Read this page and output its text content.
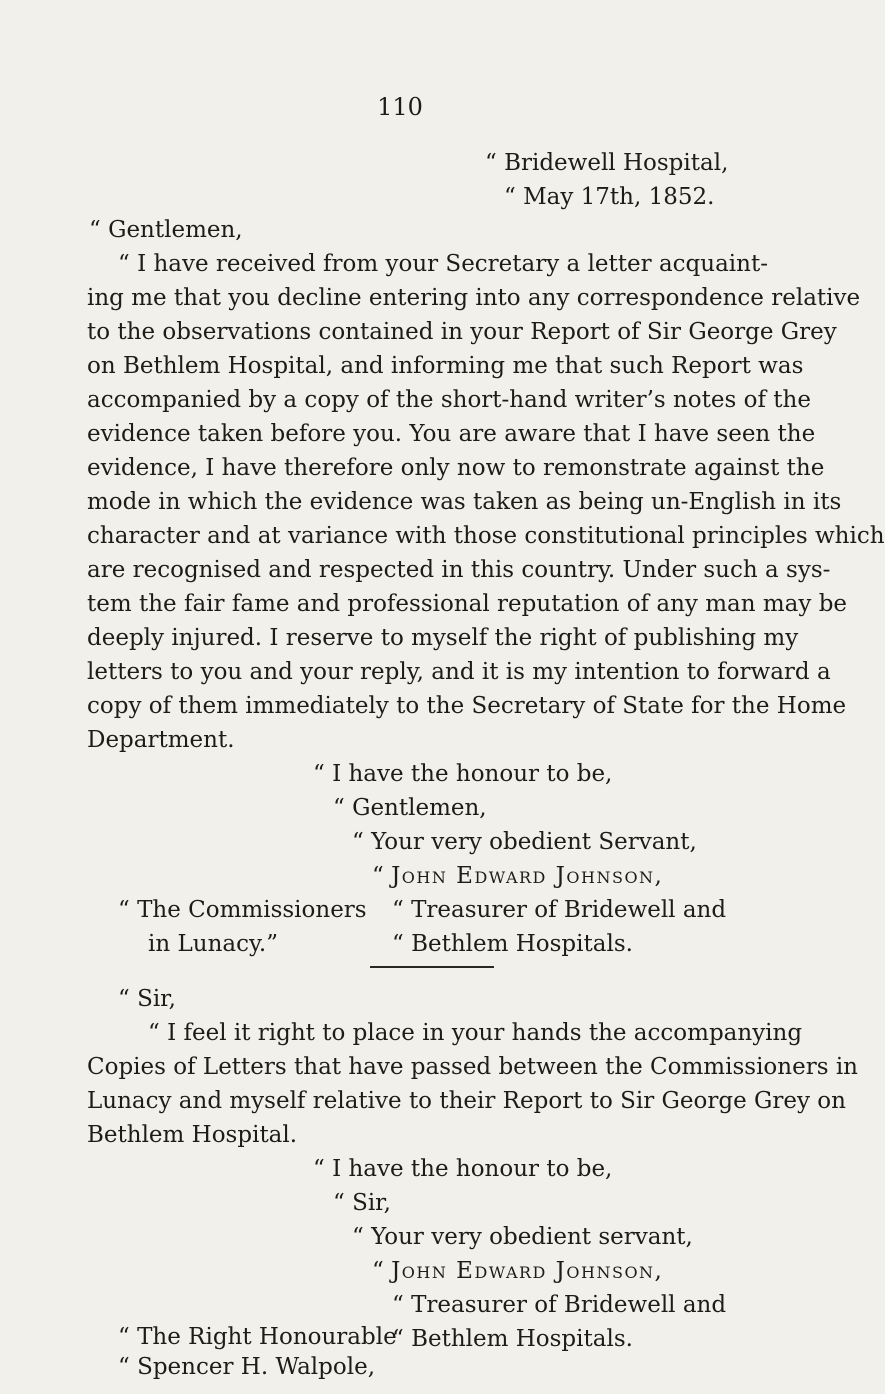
110
“ Bridewell Hospital,
“ May 17th, 1852.
“ Gentlemen,
“ I have received from your Secretary a letter acquaint-
ing me that you decline entering into any correspondence relative
to the observations contained in your Report of Sir George Grey
on Bethlem Hospital, and informing me that such Report was
accompanied by a copy of the short-hand writer’s notes of the
evidence taken before you. You are aware that I have seen the
evidence, I have therefore only now to remonstrate against the
mode in which the evidence was taken as being un-English in its
character and at variance with those constitutional principles which
are recognised and respected in this country. Under such a sys-
tem the fair fame and professional reputation of any man may be
deeply injured. I reserve to myself the right of publishing my
letters to you and your reply, and it is my intention to forward a
copy of them immediately to the Secretary of State for the Home
Department.
“ I have the honour to be,
“ Gentlemen,
“ Your very obedient Servant,
“ John Edward Johnson,
“ Treasurer of Bridewell and
“ Bethlem Hospitals.
“ The Commissioners
in Lunacy.”
“ Sir,
“ I feel it right to place in your hands the accompanying
Copies of Letters that have passed between the Commissioners in
Lunacy and myself relative to their Report to Sir George Grey on
Bethlem Hospital.
“ I have the honour to be,
“ Sir,
“ Your very obedient servant,
“ John Edward Johnson,
“ Treasurer of Bridewell and
“ Bethlem Hospitals.
“ The Right Honourable
“ Spencer H. Walpole,
